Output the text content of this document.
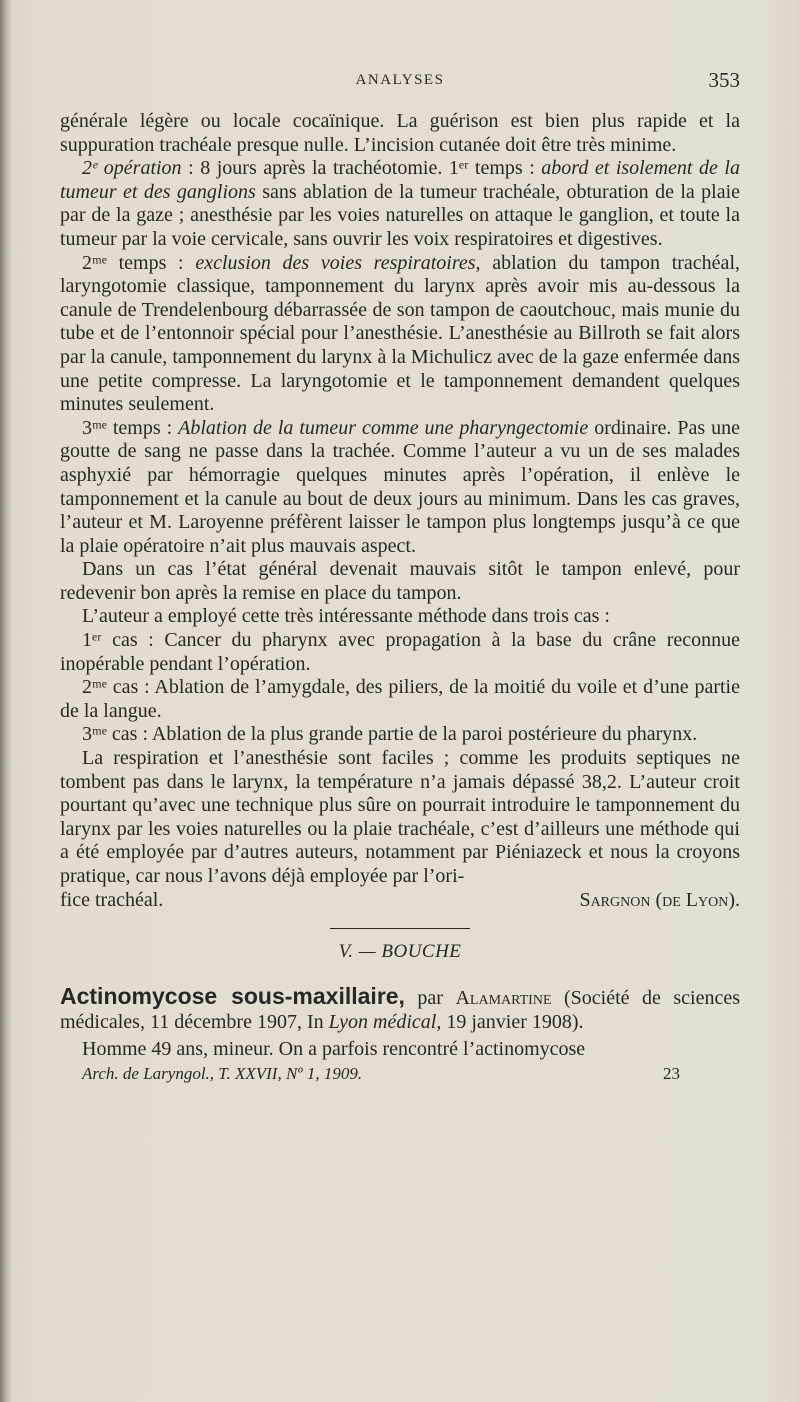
ANALYSES	353

générale légère ou locale cocaïnique. La guérison est bien plus rapide et la suppuration trachéale presque nulle. L’incision cutanée doit être très minime.

2ᵉ opération : 8 jours après la trachéotomie. 1ᵉʳ temps : abord et isolement de la tumeur et des ganglions sans ablation de la tumeur trachéale, obturation de la plaie par de la gaze ; anesthésie par les voies naturelles on attaque le ganglion, et toute la tumeur par la voie cervicale, sans ouvrir les voix respiratoires et digestives.

2ᵐᵉ temps : exclusion des voies respiratoires, ablation du tampon trachéal, laryngotomie classique, tamponnement du larynx après avoir mis au-dessous la canule de Trendelenbourg débarrassée de son tampon de caoutchouc, mais munie du tube et de l’entonnoir spécial pour l’anesthésie. L’anesthésie au Billroth se fait alors par la canule, tamponnement du larynx à la Michulicz avec de la gaze enfermée dans une petite compresse. La laryngotomie et le tamponnement demandent quelques minutes seulement.

3ᵐᵉ temps : Ablation de la tumeur comme une pharyngectomie ordinaire. Pas une goutte de sang ne passe dans la trachée. Comme l’auteur a vu un de ses malades asphyxié par hémorragie quelques minutes après l’opération, il enlève le tamponnement et la canule au bout de deux jours au minimum. Dans les cas graves, l’auteur et M. Laroyenne préfèrent laisser le tampon plus longtemps jusqu’à ce que la plaie opératoire n’ait plus mauvais aspect.

Dans un cas l’état général devenait mauvais sitôt le tampon enlevé, pour redevenir bon après la remise en place du tampon.

L’auteur a employé cette très intéressante méthode dans trois cas :

1ᵉʳ cas : Cancer du pharynx avec propagation à la base du crâne reconnue inopérable pendant l’opération.

2ᵐᵉ cas : Ablation de l’amygdale, des piliers, de la moitié du voile et d’une partie de la langue.

3ᵐᵉ cas : Ablation de la plus grande partie de la paroi postérieure du pharynx.

La respiration et l’anesthésie sont faciles ; comme les produits septiques ne tombent pas dans le larynx, la température n’a jamais dépassé 38,2. L’auteur croit pourtant qu’avec une technique plus sûre on pourrait introduire le tamponnement du larynx par les voies naturelles ou la plaie trachéale, c’est d’ailleurs une méthode qui a été employée par d’autres auteurs, notamment par Piéniazeck et nous la croyons pratique, car nous l’avons déjà employée par l’ori-

fice trachéal.	Sargnon (de Lyon).

V. — BOUCHE
Actinomycose sous-maxillaire, par Alamartine (Société de sciences médicales, 11 décembre 1907, In Lyon médical, 19 janvier 1908).

Homme 49 ans, mineur. On a parfois rencontré l’actinomycose

Arch. de Laryngol., T. XXVII, Nº 1, 1909.	23
